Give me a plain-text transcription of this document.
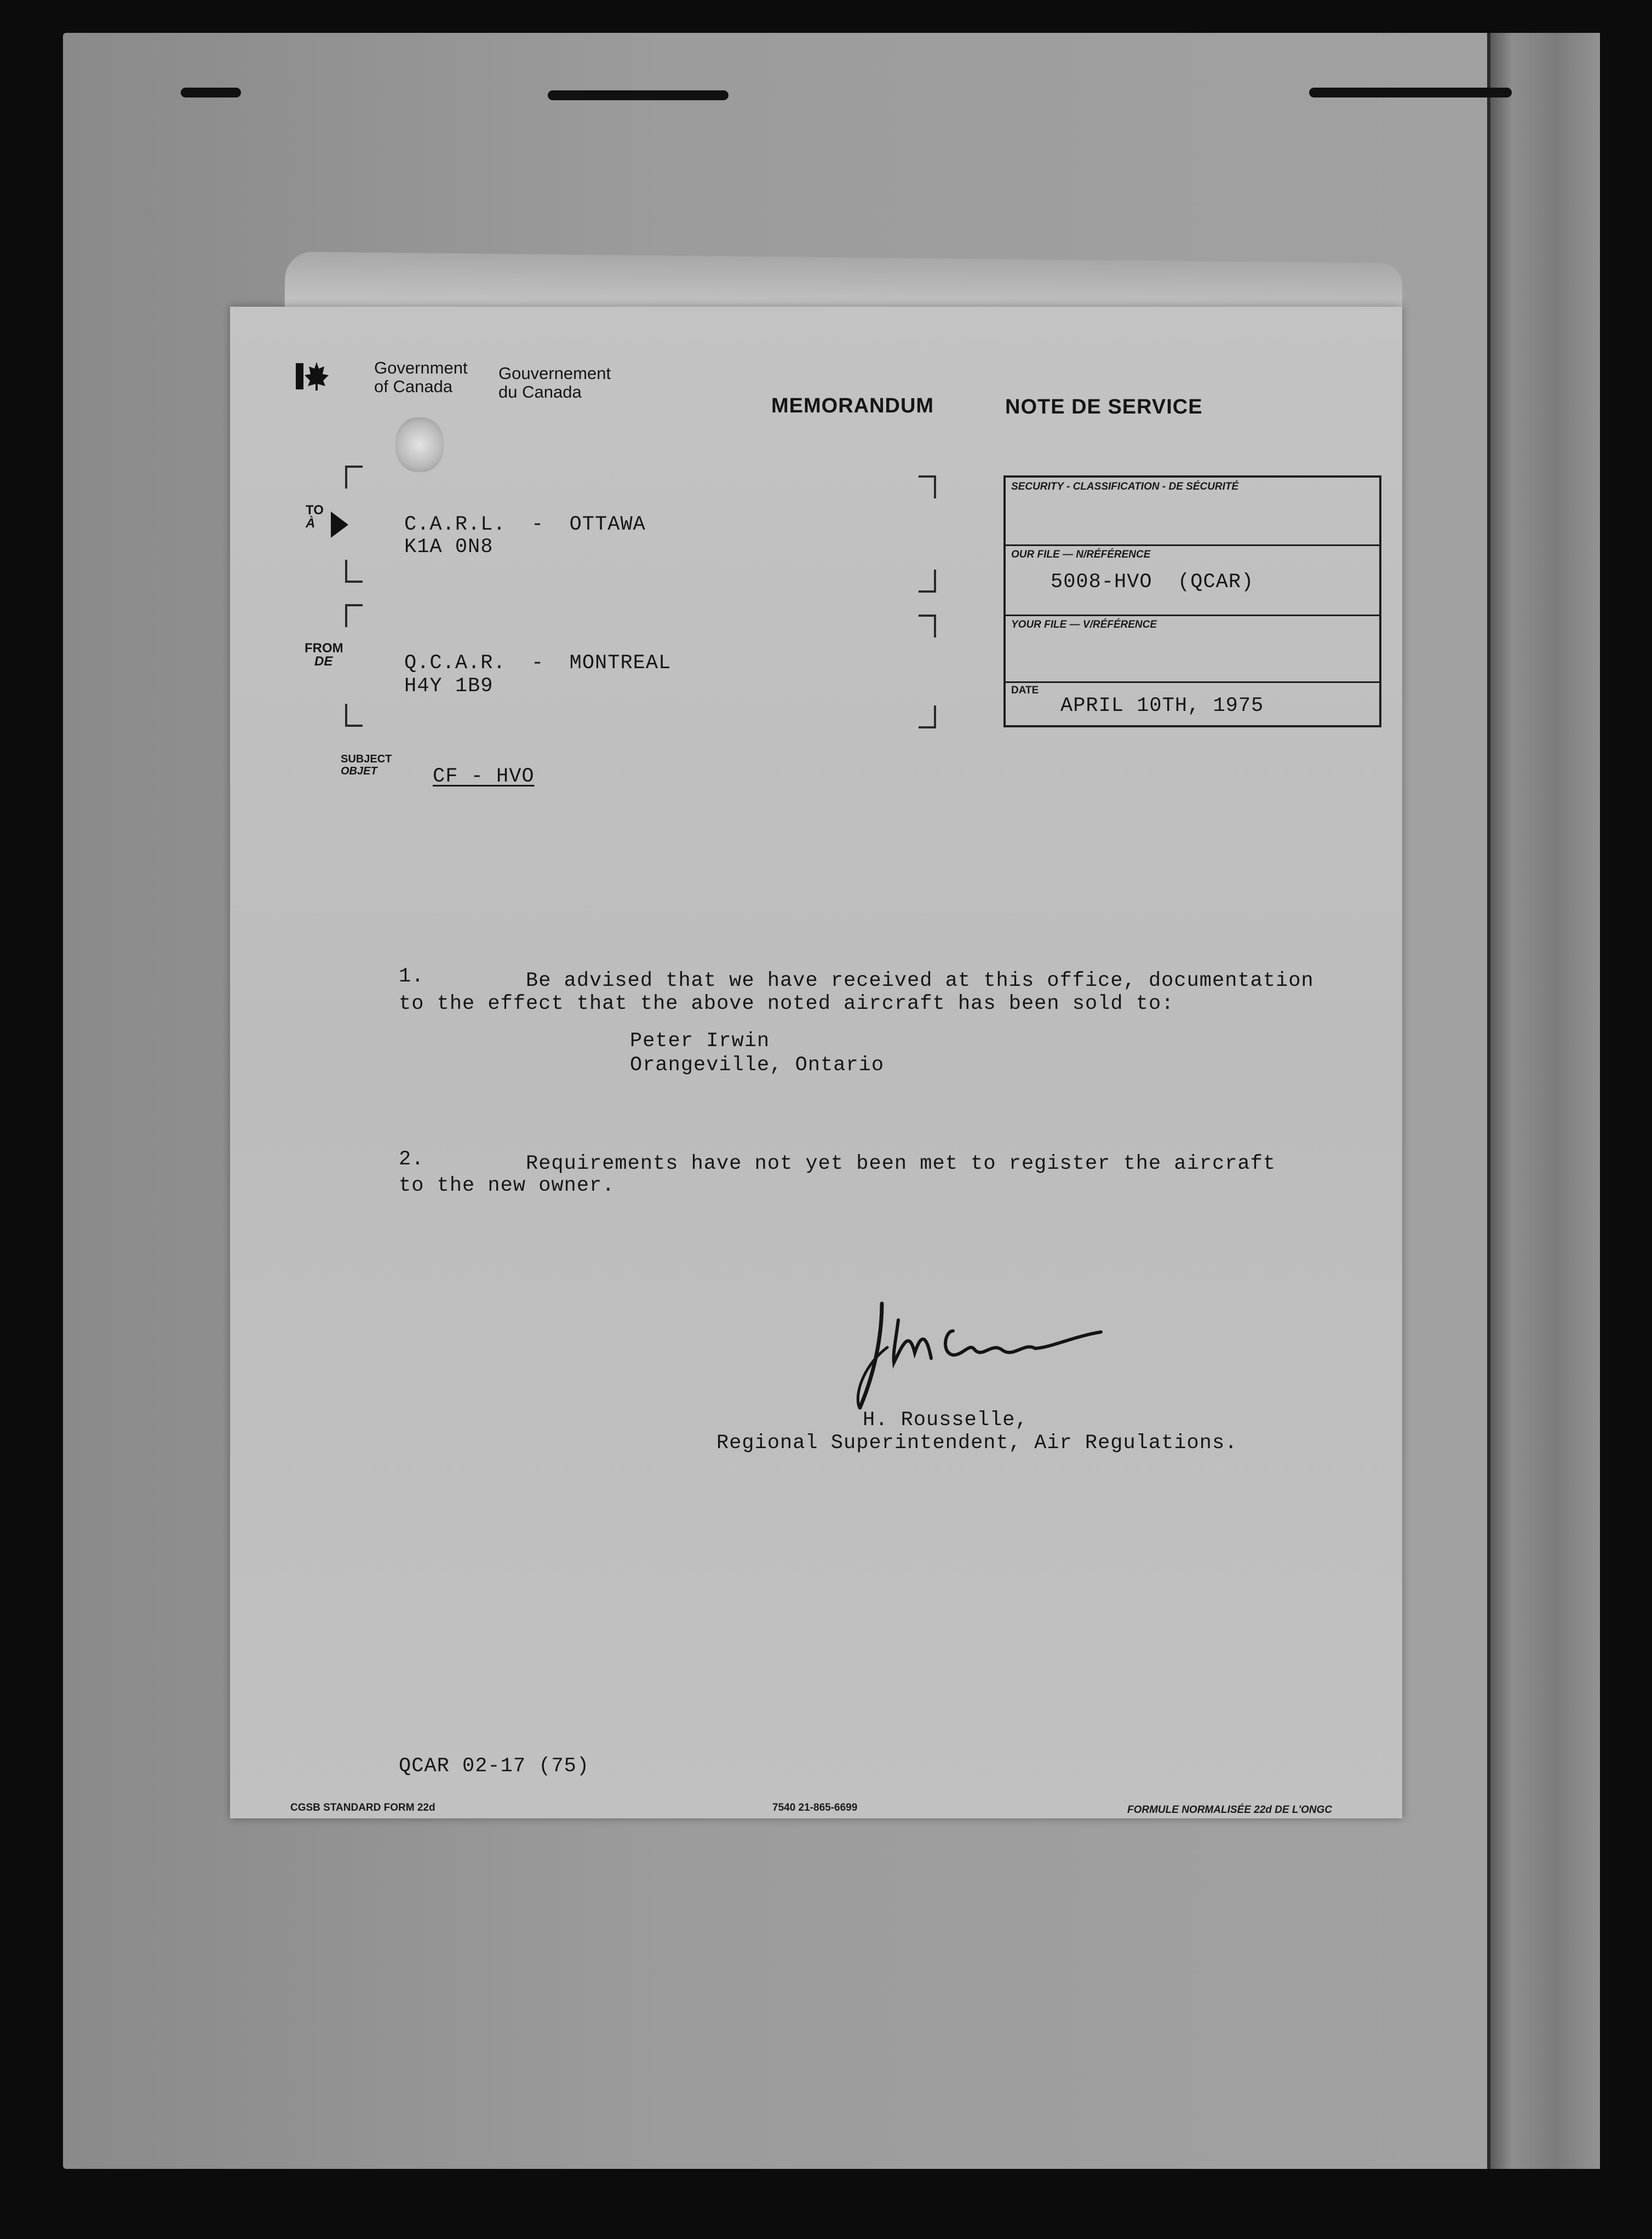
Government
of Canada
Gouvernement
du Canada
MEMORANDUM	NOTE DE SERVICE
TO
À	C.A.R.L.  -  OTTAWA
K1A 0N8
FROM
DE	Q.C.A.R.  -  MONTREAL
H4Y 1B9
SUBJECT
OBJET	CF - HVO
SECURITY - CLASSIFICATION - DE SÉCURITÉ
OUR FILE — N/RÉFÉRENCE
5008-HVO  (QCAR)
YOUR FILE — V/RÉFÉRENCE
DATE
APRIL 10TH, 1975
1.	Be advised that we have received at this office, documentation
to the effect that the above noted aircraft has been sold to:
Peter Irwin
Orangeville, Ontario
2.	Requirements have not yet been met to register the aircraft
to the new owner.
H. Rousselle,
Regional Superintendent, Air Regulations.
QCAR 02-17 (75)
CGSB STANDARD FORM 22d	7540 21-865-6699	FORMULE NORMALISÉE 22d DE L'ONGC
